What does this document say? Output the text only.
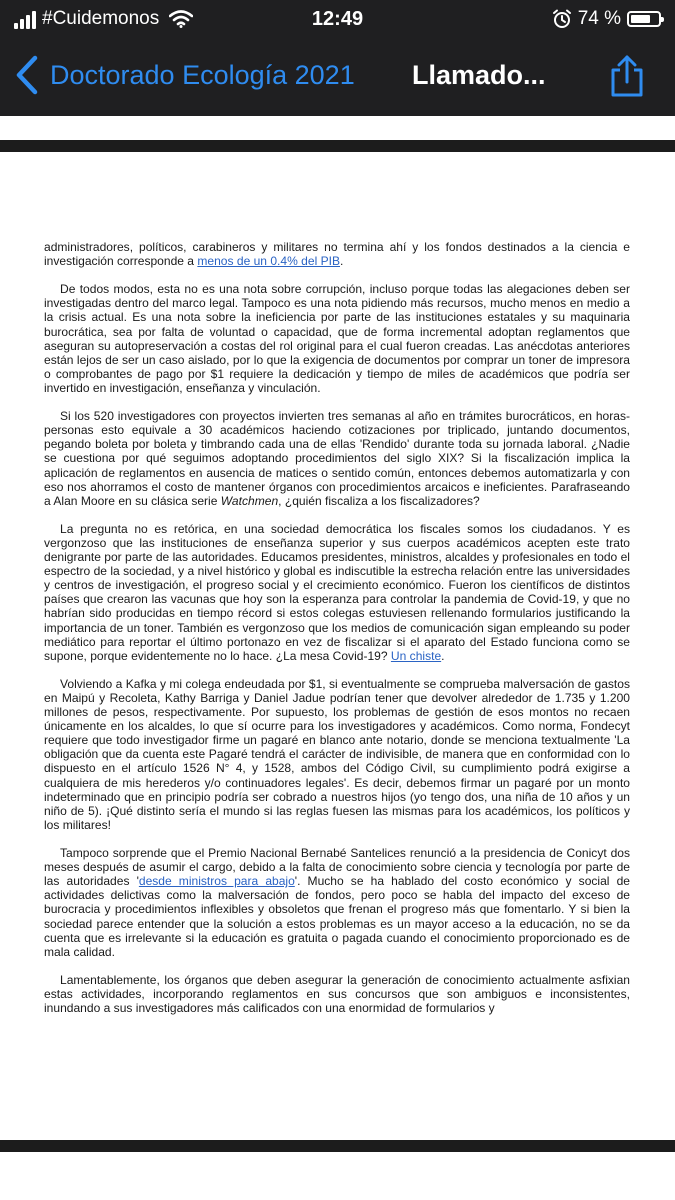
#Cuidemonos	12:49	74 %
Doctorado Ecología 2021 Llamado...

administradores, políticos, carabineros y militares no termina ahí y los fondos destinados a la ciencia e investigación corresponde a menos de un 0.4% del PIB.

De todos modos, esta no es una nota sobre corrupción, incluso porque todas las alegaciones deben ser investigadas dentro del marco legal. Tampoco es una nota pidiendo más recursos, mucho menos en medio a la crisis actual. Es una nota sobre la ineficiencia por parte de las instituciones estatales y su maquinaria burocrática, sea por falta de voluntad o capacidad, que de forma incremental adoptan reglamentos que aseguran su autopreservación a costas del rol original para el cual fueron creadas. Las anécdotas anteriores están lejos de ser un caso aislado, por lo que la exigencia de documentos por comprar un toner de impresora o comprobantes de pago por $1 requiere la dedicación y tiempo de miles de académicos que podría ser invertido en investigación, enseñanza y vinculación.

Si los 520 investigadores con proyectos invierten tres semanas al año en trámites burocráticos, en horas-personas esto equivale a 30 académicos haciendo cotizaciones por triplicado, juntando documentos, pegando boleta por boleta y timbrando cada una de ellas 'Rendido' durante toda su jornada laboral. ¿Nadie se cuestiona por qué seguimos adoptando procedimientos del siglo XIX? Si la fiscalización implica la aplicación de reglamentos en ausencia de matices o sentido común, entonces debemos automatizarla y con eso nos ahorramos el costo de mantener órganos con procedimientos arcaicos e ineficientes. Parafraseando a Alan Moore en su clásica serie Watchmen, ¿quién fiscaliza a los fiscalizadores?

La pregunta no es retórica, en una sociedad democrática los fiscales somos los ciudadanos. Y es vergonzoso que las instituciones de enseñanza superior y sus cuerpos académicos acepten este trato denigrante por parte de las autoridades. Educamos presidentes, ministros, alcaldes y profesionales en todo el espectro de la sociedad, y a nivel histórico y global es indiscutible la estrecha relación entre las universidades y centros de investigación, el progreso social y el crecimiento económico. Fueron los científicos de distintos países que crearon las vacunas que hoy son la esperanza para controlar la pandemia de Covid-19, y que no habrían sido producidas en tiempo récord si estos colegas estuviesen rellenando formularios justificando la importancia de un toner. También es vergonzoso que los medios de comunicación sigan empleando su poder mediático para reportar el último portonazo en vez de fiscalizar si el aparato del Estado funciona como se supone, porque evidentemente no lo hace. ¿La mesa Covid-19? Un chiste.

Volviendo a Kafka y mi colega endeudada por $1, si eventualmente se comprueba malversación de gastos en Maipú y Recoleta, Kathy Barriga y Daniel Jadue podrían tener que devolver alrededor de 1.735 y 1.200 millones de pesos, respectivamente. Por supuesto, los problemas de gestión de esos montos no recaen únicamente en los alcaldes, lo que sí ocurre para los investigadores y académicos. Como norma, Fondecyt requiere que todo investigador firme un pagaré en blanco ante notario, donde se menciona textualmente 'La obligación que da cuenta este Pagaré tendrá el carácter de indivisible, de manera que en conformidad con lo dispuesto en el artículo 1526 N° 4, y 1528, ambos del Código Civil, su cumplimiento podrá exigirse a cualquiera de mis herederos y/o continuadores legales'. Es decir, debemos firmar un pagaré por un monto indeterminado que en principio podría ser cobrado a nuestros hijos (yo tengo dos, una niña de 10 años y un niño de 5). ¡Qué distinto sería el mundo si las reglas fuesen las mismas para los académicos, los políticos y los militares!

Tampoco sorprende que el Premio Nacional Bernabé Santelices renunció a la presidencia de Conicyt dos meses después de asumir el cargo, debido a la falta de conocimiento sobre ciencia y tecnología por parte de las autoridades 'desde ministros para abajo'. Mucho se ha hablado del costo económico y social de actividades delictivas como la malversación de fondos, pero poco se habla del impacto del exceso de burocracia y procedimientos inflexibles y obsoletos que frenan el progreso más que fomentarlo. Y si bien la sociedad parece entender que la solución a estos problemas es un mayor acceso a la educación, no se da cuenta que es irrelevante si la educación es gratuita o pagada cuando el conocimiento proporcionado es de mala calidad.

Lamentablemente, los órganos que deben asegurar la generación de conocimiento actualmente asfixian estas actividades, incorporando reglamentos en sus concursos que son ambiguos e inconsistentes, inundando a sus investigadores más calificados con una enormidad de formularios y
